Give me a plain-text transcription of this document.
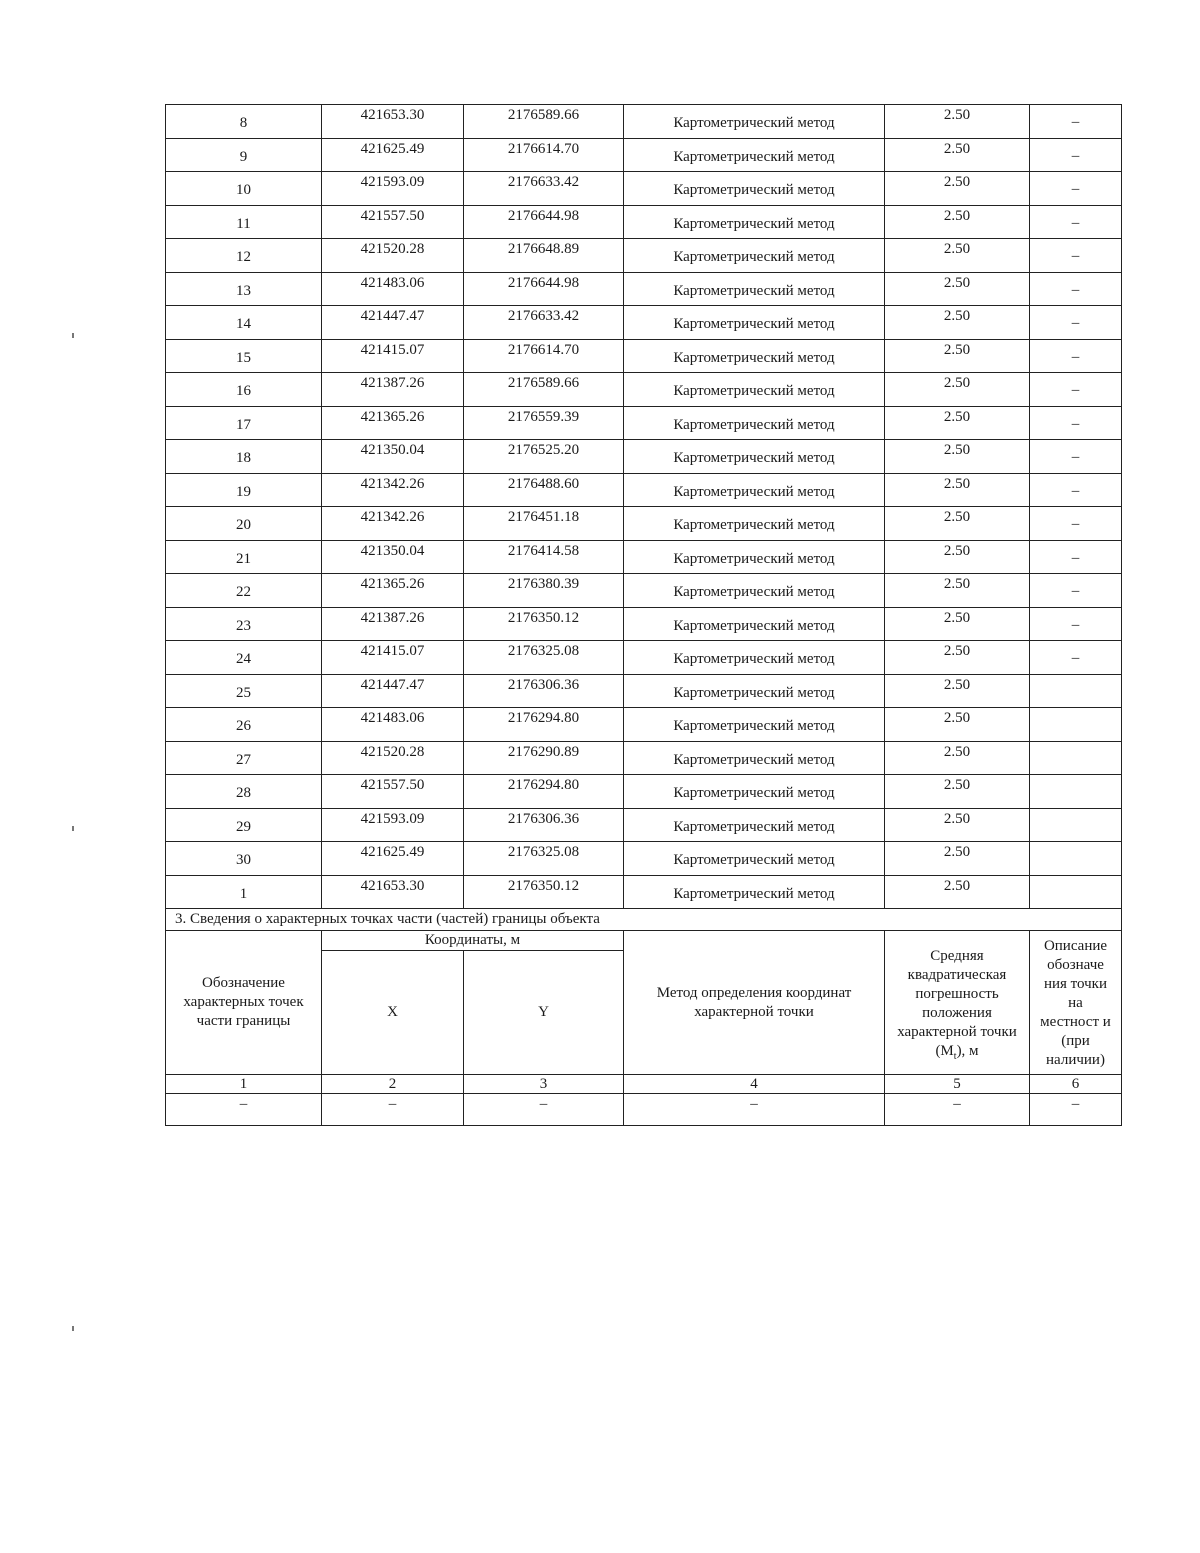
8	421653.30	2176589.66	Картометрический метод	2.50	–
9	421625.49	2176614.70	Картометрический метод	2.50	–
10	421593.09	2176633.42	Картометрический метод	2.50	–
11	421557.50	2176644.98	Картометрический метод	2.50	–
12	421520.28	2176648.89	Картометрический метод	2.50	–
13	421483.06	2176644.98	Картометрический метод	2.50	–
14	421447.47	2176633.42	Картометрический метод	2.50	–
15	421415.07	2176614.70	Картометрический метод	2.50	–
16	421387.26	2176589.66	Картометрический метод	2.50	–
17	421365.26	2176559.39	Картометрический метод	2.50	–
18	421350.04	2176525.20	Картометрический метод	2.50	–
19	421342.26	2176488.60	Картометрический метод	2.50	–
20	421342.26	2176451.18	Картометрический метод	2.50	–
21	421350.04	2176414.58	Картометрический метод	2.50	–
22	421365.26	2176380.39	Картометрический метод	2.50	–
23	421387.26	2176350.12	Картометрический метод	2.50	–
24	421415.07	2176325.08	Картометрический метод	2.50	–
25	421447.47	2176306.36	Картометрический метод	2.50	
26	421483.06	2176294.80	Картометрический метод	2.50	
27	421520.28	2176290.89	Картометрический метод	2.50	
28	421557.50	2176294.80	Картометрический метод	2.50	
29	421593.09	2176306.36	Картометрический метод	2.50	
30	421625.49	2176325.08	Картометрический метод	2.50	
1	421653.30	2176350.12	Картометрический метод	2.50	
3. Сведения о характерных точках части (частей) границы объекта					
Обозначение характерных точек части границы	Координаты, м		Метод определения координат характерной точки	Средняя квадратическая погрешность положения характерной точки $(M_t)$, м	Описание обозначе ния точки на местност и (при наличии)
	X	Y			
1	2	3	4	5	6
–	–	–	–	–	–
